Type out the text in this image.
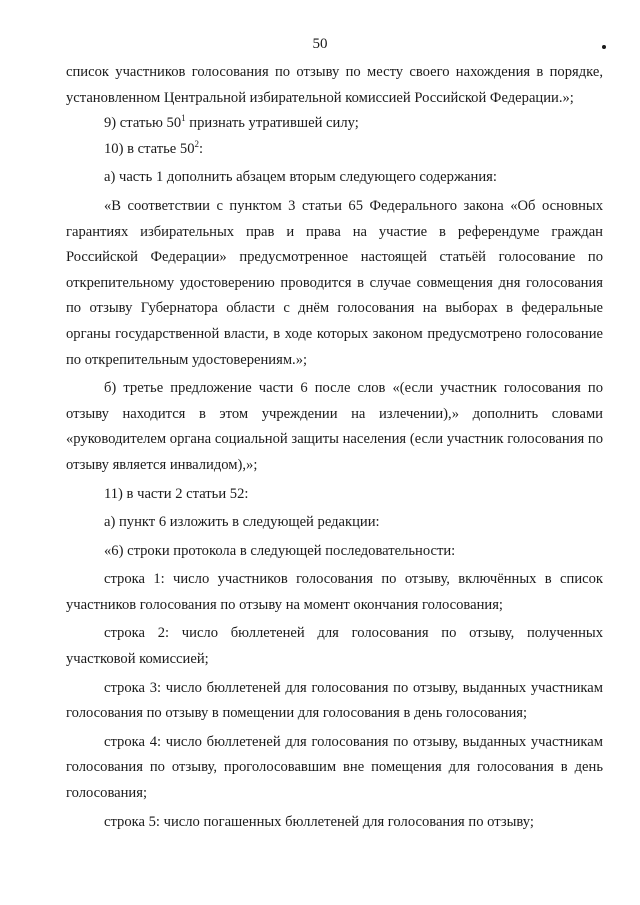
50

список участников голосования по отзыву по месту своего нахождения в порядке, установленном Центральной избирательной комиссией Российской Федерации.»;

9) статью $50^1$ признать утратившей силу;

10) в статье $50^2$:

а) часть 1 дополнить абзацем вторым следующего содержания:

«В соответствии с пунктом 3 статьи 65 Федерального закона «Об основных гарантиях избирательных прав и права на участие в референдуме граждан Российской Федерации» предусмотренное настоящей статьёй голосование по открепительному удостоверению проводится в случае совмещения дня голосования по отзыву Губернатора области с днём голосования на выборах в федеральные органы государственной власти, в ходе которых законом предусмотрено голосование по открепительным удостоверениям.»;

б) третье предложение части 6 после слов «(если участник голосования по отзыву находится в этом учреждении на излечении),» дополнить словами «руководителем органа социальной защиты населения (если участник голосования по отзыву является инвалидом),»;

11) в части 2 статьи 52:

а) пункт 6 изложить в следующей редакции:

«6) строки протокола в следующей последовательности:

строка 1: число участников голосования по отзыву, включённых в список участников голосования по отзыву на момент окончания голосования;

строка 2: число бюллетеней для голосования по отзыву, полученных участковой комиссией;

строка 3: число бюллетеней для голосования по отзыву, выданных участникам голосования по отзыву в помещении для голосования в день голосования;

строка 4: число бюллетеней для голосования по отзыву, выданных участникам голосования по отзыву, проголосовавшим вне помещения для голосования в день голосования;

строка 5: число погашенных бюллетеней для голосования по отзыву;
